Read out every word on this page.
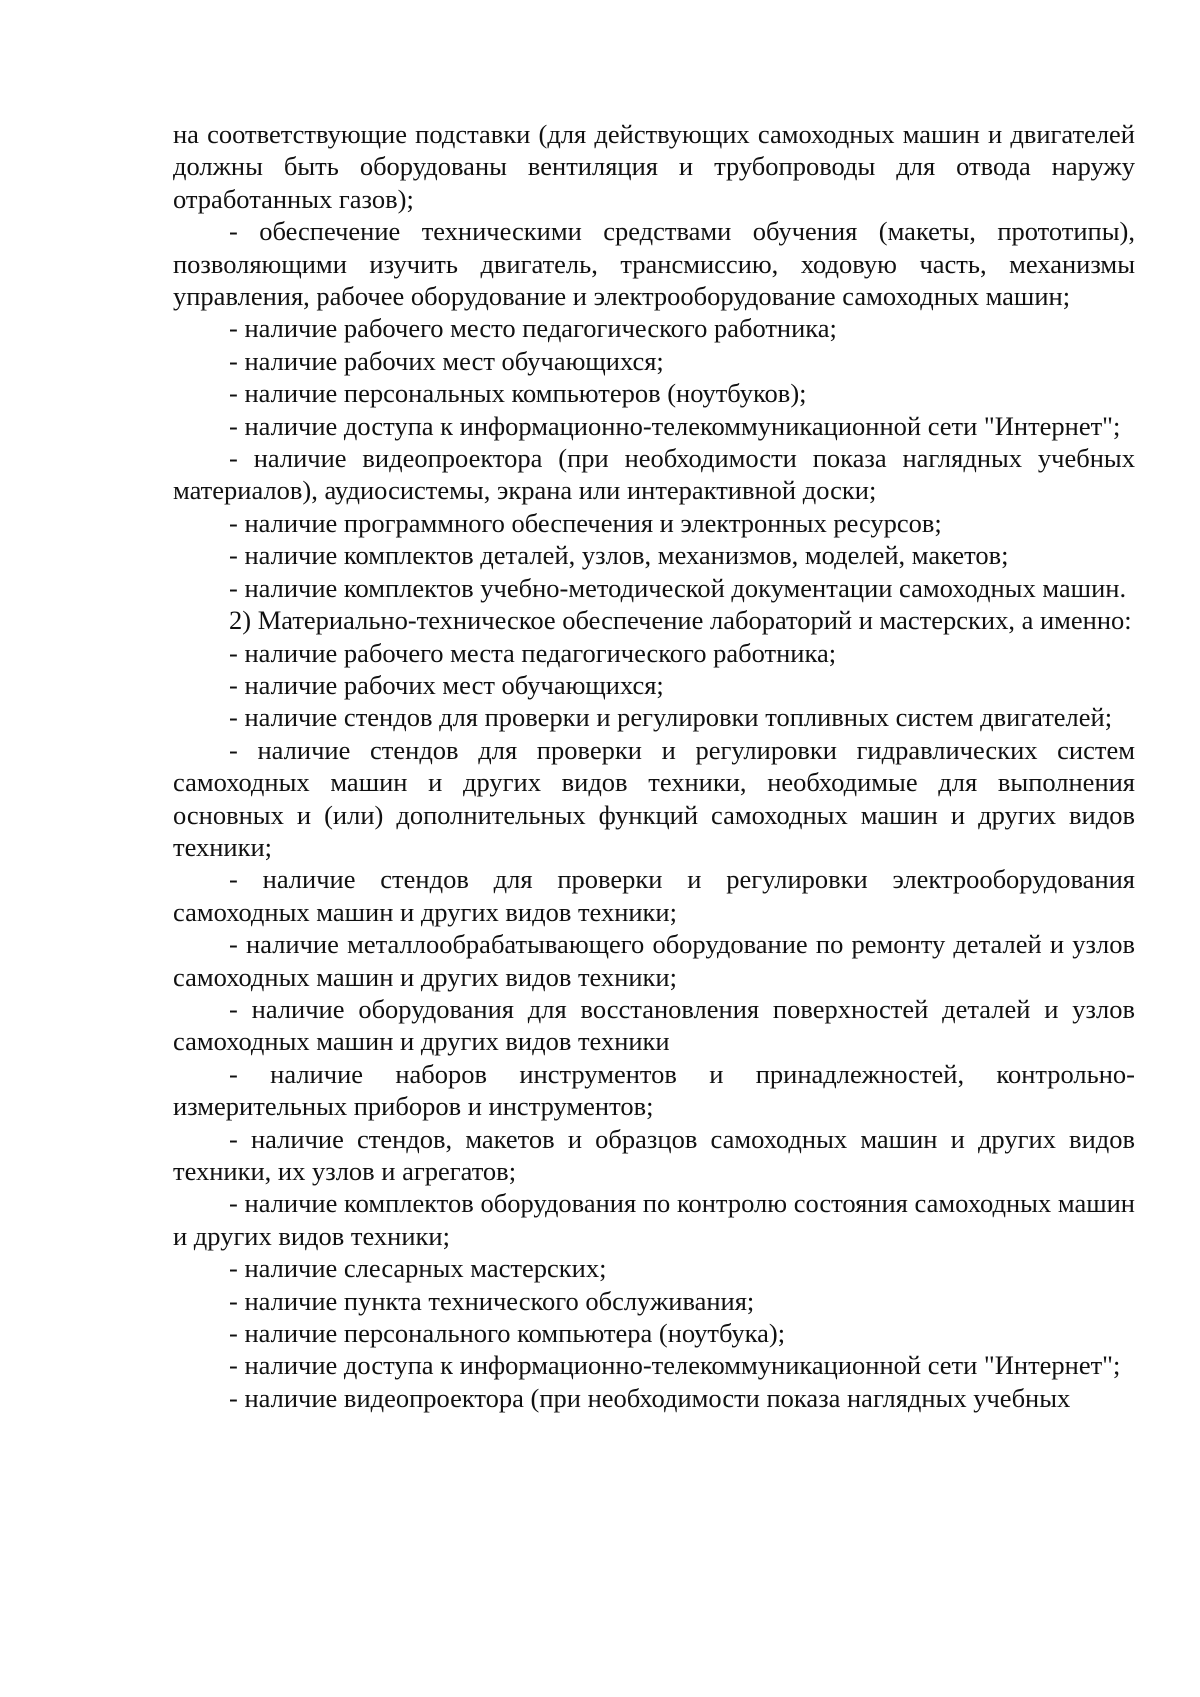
на соответствующие подставки (для действующих самоходных машин и двигателей должны быть оборудованы вентиляция и трубопроводы для отвода наружу отработанных газов);

- обеспечение техническими средствами обучения (макеты, прототипы), позволяющими изучить двигатель, трансмиссию, ходовую часть, механизмы управления, рабочее оборудование и электрооборудование самоходных машин;

- наличие рабочего место педагогического работника;

- наличие рабочих мест обучающихся;

- наличие персональных компьютеров (ноутбуков);

- наличие доступа к информационно-телекоммуникационной сети "Интернет";

- наличие видеопроектора (при необходимости показа наглядных учебных материалов), аудиосистемы, экрана или интерактивной доски;

- наличие программного обеспечения и электронных ресурсов;

- наличие комплектов деталей, узлов, механизмов, моделей, макетов;

- наличие комплектов учебно-методической документации самоходных машин.

2) Материально-техническое обеспечение лабораторий и мастерских, а именно:

- наличие рабочего места педагогического работника;

- наличие рабочих мест обучающихся;

- наличие стендов для проверки и регулировки топливных систем двигателей;

- наличие стендов для проверки и регулировки гидравлических систем самоходных машин и других видов техники, необходимые для выполнения основных и (или) дополнительных функций самоходных машин и других видов техники;

- наличие стендов для проверки и регулировки электрооборудования самоходных машин и других видов техники;

- наличие металлообрабатывающего оборудование по ремонту деталей и узлов самоходных машин и других видов техники;

- наличие оборудования для восстановления поверхностей деталей и узлов самоходных машин и других видов техники

- наличие наборов инструментов и принадлежностей, контрольно-измерительных приборов и инструментов;

- наличие стендов, макетов и образцов самоходных машин и других видов техники, их узлов и агрегатов;

- наличие комплектов оборудования по контролю состояния самоходных машин и других видов техники;

- наличие слесарных мастерских;

- наличие пункта технического обслуживания;

- наличие персонального компьютера (ноутбука);

- наличие доступа к информационно-телекоммуникационной сети "Интернет";

- наличие видеопроектора (при необходимости показа наглядных учебных
